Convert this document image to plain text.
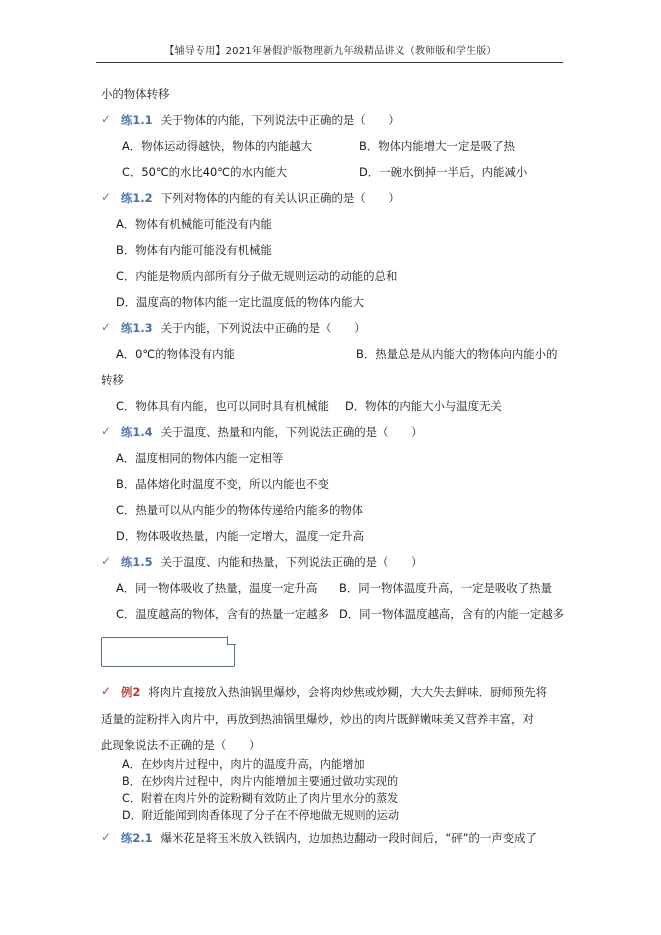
【辅导专用】2021年暑假沪版物理新九年级精品讲义（教师版和学生版）
小的物体转移
✓ 练1.1 关于物体的内能，下列说法中正确的是（　　）
A．物体运动得越快，物体的内能越大	B．物体内能增大一定是吸了热
C．50℃的水比40℃的水内能大	D．一碗水倒掉一半后，内能减小
✓ 练1.2 下列对物体的内能的有关认识正确的是（　　）
A．物体有机械能可能没有内能
B．物体有内能可能没有机械能
C．内能是物质内部所有分子做无规则运动的动能的总和
D．温度高的物体内能一定比温度低的物体内能大
✓ 练1.3 关于内能，下列说法中正确的是（　　）
A．0℃的物体没有内能	B．热量总是从内能大的物体向内能小的
转移
C．物体具有内能，也可以同时具有机械能 D．物体的内能大小与温度无关
✓ 练1.4 关于温度、热量和内能，下列说法正确的是（　　）
A．温度相同的物体内能一定相等
B．晶体熔化时温度不变，所以内能也不变
C．热量可以从内能少的物体传递给内能多的物体
D．物体吸收热量，内能一定增大，温度一定升高
✓ 练1.5 关于温度、内能和热量，下列说法正确的是（　　）
A．同一物体吸收了热量，温度一定升高 B．同一物体温度升高，一定是吸收了热量
C．温度越高的物体，含有的热量一定越多 D．同一物体温度越高，含有的内能一定越多
✓ 例2 将肉片直接放入热油锅里爆炒，会将肉炒焦或炒糊，大大失去鲜味．厨师预先将
适量的淀粉拌入肉片中，再放到热油锅里爆炒，炒出的肉片既鲜嫩味美又营养丰富，对
此现象说法不正确的是（　　）
A．在炒肉片过程中，肉片的温度升高，内能增加
B．在炒肉片过程中，肉片内能增加主要通过做功实现的
C．附着在肉片外的淀粉糊有效防止了肉片里水分的蒸发
D．附近能闻到肉香体现了分子在不停地做无规则的运动
✓ 练2.1 爆米花是将玉米放入铁锅内，边加热边翻动一段时间后，“砰”的一声变成了
